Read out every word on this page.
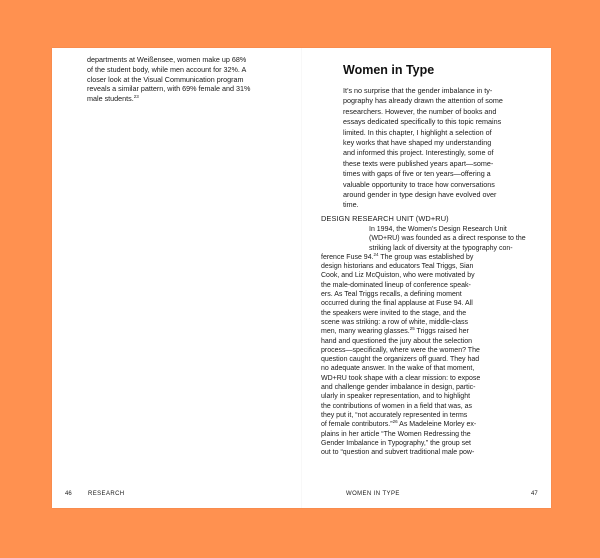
departments at Weißensee, women make up 68%
of the student body, while men account for 32%. A
closer look at the Visual Communication program
reveals a similar pattern, with 69% female and 31%
male students.$^{23}$
46	RESEARCH
Women in Type
It’s no surprise that the gender imbalance in ty-
pography has already drawn the attention of some
researchers. However, the number of books and
essays dedicated specifically to this topic remains
limited. In this chapter, I highlight a selection of
key works that have shaped my understanding
and informed this project. Interestingly, some of
these texts were published years apart—some-
times with gaps of five or ten years—offering a
valuable opportunity to trace how conversations
around gender in type design have evolved over
time.
DESIGN RESEARCH UNIT (WD+RU)
In 1994, the Women’s Design Research Unit
(WD+RU) was founded as a direct response to the
striking lack of diversity at the typography con-
ference Fuse 94.24 The group was established by
design historians and educators Teal Triggs, Sian
Cook, and Liz McQuiston, who were motivated by
the male-dominated lineup of conference speak-
ers. As Teal Triggs recalls, a defining moment
occurred during the final applause at Fuse 94. All
the speakers were invited to the stage, and the
scene was striking: a row of white, middle-class
men, many wearing glasses.$^{25}$ Triggs raised her
hand and questioned the jury about the selection
process—specifically, where were the women? The
question caught the organizers off guard. They had
no adequate answer. In the wake of that moment,
WD+RU took shape with a clear mission: to expose
and challenge gender imbalance in design, partic-
ularly in speaker representation, and to highlight
the contributions of women in a field that was, as
they put it, “not accurately represented in terms
of female contributors.”$^{26}$ As Madeleine Morley ex-
plains in her article “The Women Redressing the
Gender Imbalance in Typography,” the group set
out to “question and subvert traditional male pow-
WOMEN IN TYPE	47
